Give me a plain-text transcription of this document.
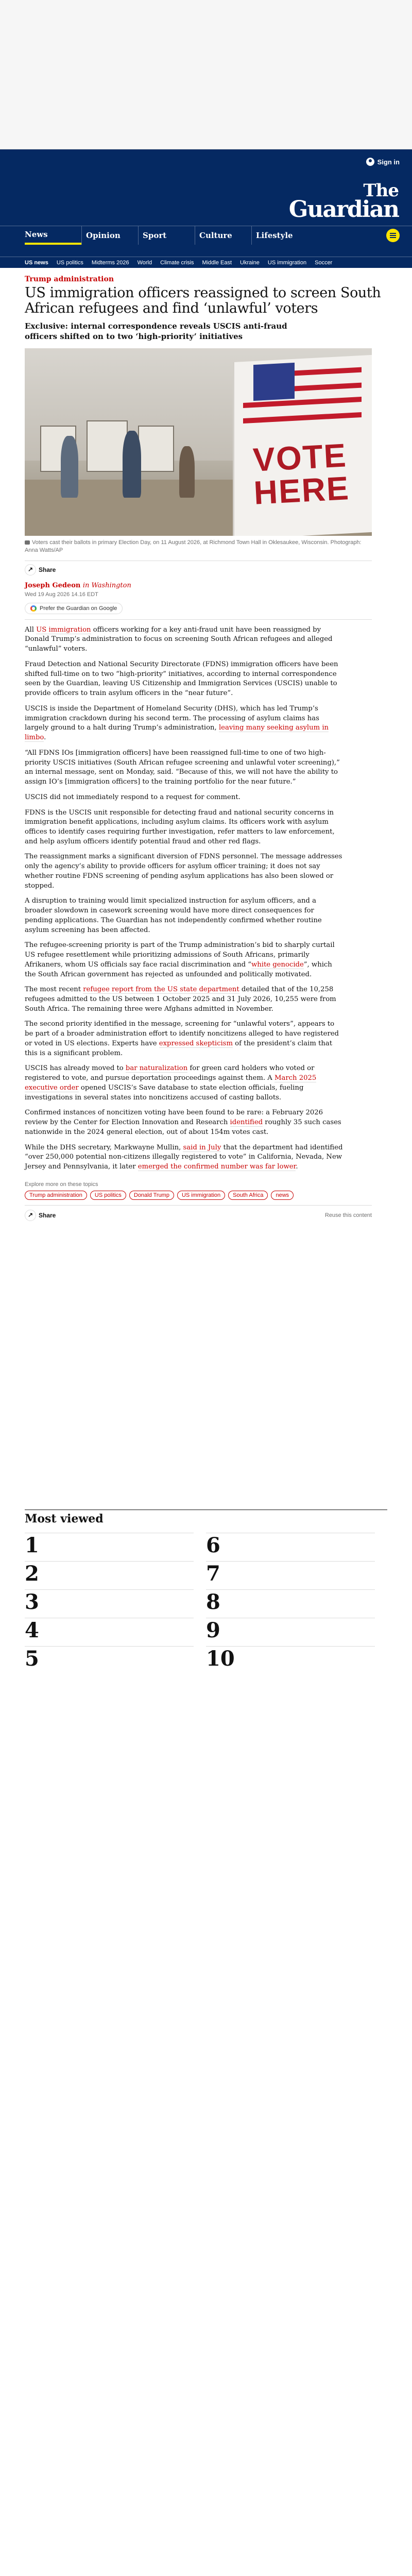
Sign in
The
Guardian
News	Opinion	Sport	Culture	Lifestyle
US news US politics Midterms 2026 World Climate crisis Middle East Ukraine US immigration Soccer
Trump administration
US immigration officers reassigned to screen South African refugees and find ‘unlawful’ voters

Exclusive: internal correspondence reveals USCIS anti-fraud officers shifted on to two ‘high-priority’ initiatives

VOTE HERE

Voters cast their ballots in primary Election Day, on 11 August 2026, at Richmond Town Hall in Oklesaukee, Wisconsin. Photograph: Anna Watts/AP

↗
Share
Joseph Gedeon in Washington
Wed 19 Aug 2026 14.16 EDT
Prefer the Guardian on Google

All US immigration officers working for a key anti-fraud unit have been reassigned by Donald Trump’s administration to focus on screening South African refugees and alleged “unlawful” voters.

Fraud Detection and National Security Directorate (FDNS) immigration officers have been shifted full-time on to two “high-priority” initiatives, according to internal correspondence seen by the Guardian, leaving US Citizenship and Immigration Services (USCIS) unable to provide officers to train asylum officers in the “near future”.

USCIS is inside the Department of Homeland Security (DHS), which has led Trump’s immigration crackdown during his second term. The processing of asylum claims has largely ground to a halt during Trump’s administration, leaving many seeking asylum in limbo.

“All FDNS IOs [immigration officers] have been reassigned full-time to one of two high-priority USCIS initiatives (South African refugee screening and unlawful voter screening),” an internal message, sent on Monday, said. “Because of this, we will not have the ability to assign IO’s [immigration officers] to the training portfolio for the near future.”

USCIS did not immediately respond to a request for comment.

FDNS is the USCIS unit responsible for detecting fraud and national security concerns in immigration benefit applications, including asylum claims. Its officers work with asylum offices to identify cases requiring further investigation, refer matters to law enforcement, and help asylum officers identify potential fraud and other red flags.

The reassignment marks a significant diversion of FDNS personnel. The message addresses only the agency’s ability to provide officers for asylum officer training; it does not say whether routine FDNS screening of pending asylum applications has also been slowed or stopped.

A disruption to training would limit specialized instruction for asylum officers, and a broader slowdown in casework screening would have more direct consequences for pending applications. The Guardian has not independently confirmed whether routine asylum screening has been affected.

The refugee-screening priority is part of the Trump administration’s bid to sharply curtail US refugee resettlement while prioritizing admissions of South Africans, primarily Afrikaners, whom US officials say face racial discrimination and “white genocide”, which the South African government has rejected as unfounded and politically motivated.

The most recent refugee report from the US state department detailed that of the 10,258 refugees admitted to the US between 1 October 2025 and 31 July 2026, 10,255 were from South Africa. The remaining three were Afghans admitted in November.

The second priority identified in the message, screening for “unlawful voters”, appears to be part of a broader administration effort to identify noncitizens alleged to have registered or voted in US elections. Experts have expressed skepticism of the president’s claim that this is a significant problem.

USCIS has already moved to bar naturalization for green card holders who voted or registered to vote, and pursue deportation proceedings against them. A March 2025 executive order opened USCIS’s Save database to state election officials, fueling investigations in several states into noncitizens accused of casting ballots.

Confirmed instances of noncitizen voting have been found to be rare: a February 2026 review by the Center for Election Innovation and Research identified roughly 35 such cases nationwide in the 2024 general election, out of about 154m votes cast.

While the DHS secretary, Markwayne Mullin, said in July that the department had identified “over 250,000 potential non-citizens illegally registered to vote” in California, Nevada, New Jersey and Pennsylvania, it later emerged the confirmed number was far lower.

Explore more on these topics
Trump administration	US politics	Donald Trump	US immigration	South Africa	news
↗
Share	Reuse this content
Most viewed
1	6
2	7
3	8
4	9
5	10
